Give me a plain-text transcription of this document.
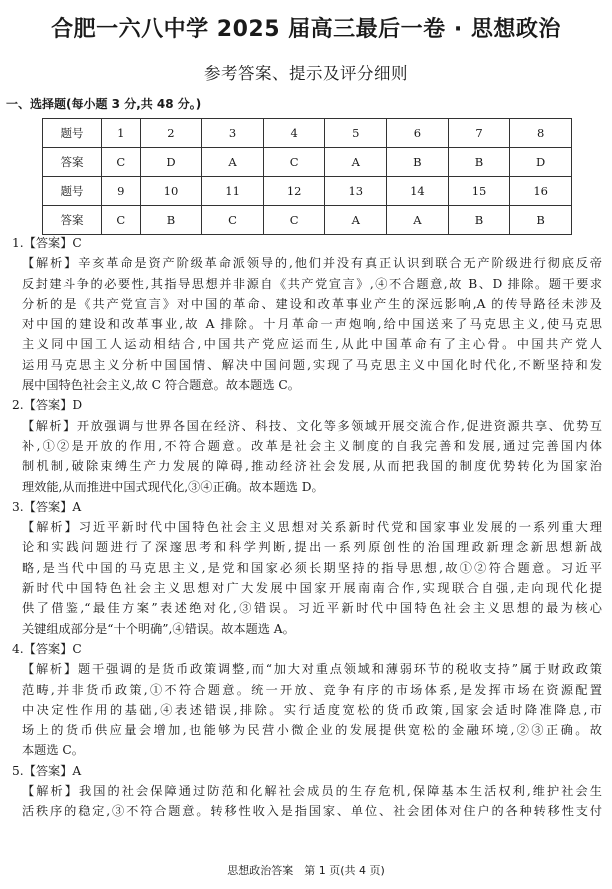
合肥一六八中学 2025 届高三最后一卷 · 思想政治
参考答案、提示及评分细则
一、选择题(每小题 3 分,共 48 分。)
题号	1	2	3	4	5	6	7	8
答案	C	D	A	C	A	B	B	D
题号	9	10	11	12	13	14	15	16
答案	C	B	C	C	A	A	B	B
1.【答案】C
【解析】辛亥革命是资产阶级革命派领导的,他们并没有真正认识到联合无产阶级进行彻底反帝
反封建斗争的必要性,其指导思想并非源自《共产党宣言》,④不合题意,故 B、D 排除。题干要求
分析的是《共产党宣言》对中国的革命、建设和改革事业产生的深远影响,A 的传导路径未涉及
对中国的建设和改革事业,故 A 排除。十月革命一声炮响,给中国送来了马克思主义,使马克思
主义同中国工人运动相结合,中国共产党应运而生,从此中国革命有了主心骨。中国共产党人
运用马克思主义分析中国国情、解决中国问题,实现了马克思主义中国化时代化,不断坚持和发
展中国特色社会主义,故 C 符合题意。故本题选 C。
2.【答案】D
【解析】开放强调与世界各国在经济、科技、文化等多领域开展交流合作,促进资源共享、优势互
补,①②是开放的作用,不符合题意。改革是社会主义制度的自我完善和发展,通过完善国内体
制机制,破除束缚生产力发展的障碍,推动经济社会发展,从而把我国的制度优势转化为国家治
理效能,从而推进中国式现代化,③④正确。故本题选 D。
3.【答案】A
【解析】习近平新时代中国特色社会主义思想对关系新时代党和国家事业发展的一系列重大理
论和实践问题进行了深邃思考和科学判断,提出一系列原创性的治国理政新理念新思想新战
略,是当代中国的马克思主义,是党和国家必须长期坚持的指导思想,故①②符合题意。习近平
新时代中国特色社会主义思想对广大发展中国家开展南南合作,实现联合自强,走向现代化提
供了借鉴,“最佳方案”表述绝对化,③错误。习近平新时代中国特色社会主义思想的最为核心
关键组成部分是“十个明确”,④错误。故本题选 A。
4.【答案】C
【解析】题干强调的是货币政策调整,而“加大对重点领域和薄弱环节的税收支持”属于财政政策
范畴,并非货币政策,①不符合题意。统一开放、竞争有序的市场体系,是发挥市场在资源配置
中决定性作用的基础,④表述错误,排除。实行适度宽松的货币政策,国家会适时降准降息,市
场上的货币供应量会增加,也能够为民营小微企业的发展提供宽松的金融环境,②③正确。故
本题选 C。
5.【答案】A
【解析】我国的社会保障通过防范和化解社会成员的生存危机,保障基本生活权利,维护社会生
活秩序的稳定,③不符合题意。转移性收入是指国家、单位、社会团体对住户的各种转移性支付
思想政治答案　第 1 页(共 4 页)
